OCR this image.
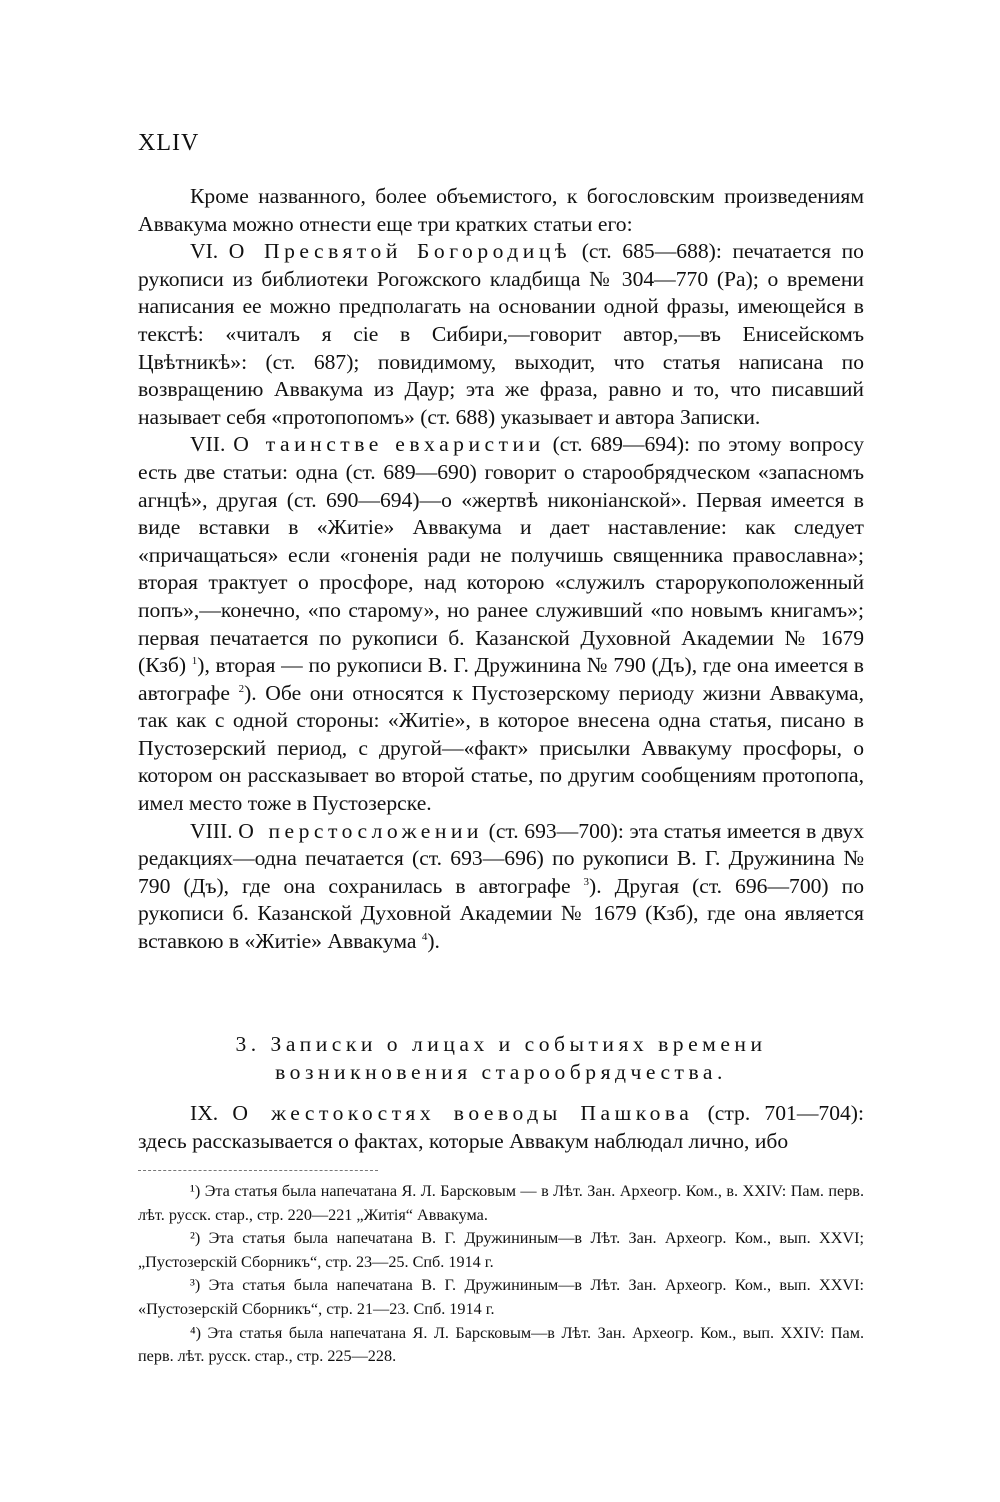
XLIV

Кроме названного, более объемистого, к богословским произведениям Аввакума можно отнести еще три кратких статьи его:

VI. О Пресвятой Богородицѣ (ст. 685—688): печатается по рукописи из библиотеки Рогожского кладбища № 304—770 (Ра); о времени написания ее можно предполагать на основании одной фразы, имеющейся в текстѣ: «читалъ я сіе в Сибири,—говорит автор,—въ Енисейскомъ Цвѣтникѣ»: (ст. 687); повидимому, выходит, что статья написана по возвращению Аввакума из Даур; эта же фраза, равно и то, что писавший называет себя «протопопомъ» (ст. 688) указывает и автора Записки.

VII. О таинстве евхаристии (ст. 689—694): по этому вопросу есть две статьи: одна (ст. 689—690) говорит о старообрядческом «запасномъ агнцѣ», другая (ст. 690—694)—о «жертвѣ никоніанской». Первая имеется в виде вставки в «Житіе» Аввакума и дает наставление: как следует «причащаться» если «гоненія ради не получишь священника православна»; вторая трактует о просфоре, над которою «служилъ старорукоположенный попъ»,—конечно, «по старому», но ранее служивший «по новымъ книгамъ»; первая печатается по рукописи б. Казанской Духовной Академии № 1679 (Кзб) $^1$), вторая — по рукописи В. Г. Дружинина № 790 (Дъ), где она имеется в автографе $^2$). Обе они относятся к Пустозерскому периоду жизни Аввакума, так как с одной стороны: «Житіе», в которое внесена одна статья, писано в Пустозерский период, с другой—«факт» присылки Аввакуму просфоры, о котором он рассказывает во второй статье, по другим сообщениям протопопа, имел место тоже в Пустозерске.

VIII. О перстосложении (ст. 693—700): эта статья имеется в двух редакциях—одна печатается (ст. 693—696) по рукописи В. Г. Дружинина № 790 (Дъ), где она сохранилась в автографе $^3$). Другая (ст. 696—700) по рукописи б. Казанской Духовной Академии № 1679 (Кзб), где она является вставкою в «Житіе» Аввакума $^4$).

3. Записки о лицах и событиях времени возникновения старообрядчества.

IX. О жестокостях воеводы Пашкова (стр. 701—704): здесь рассказывается о фактах, которые Аввакум наблюдал лично, ибо

¹) Эта статья была напечатана Я. Л. Барсковым — в Лѣт. Зан. Археогр. Ком., в. XXIV: Пам. перв. лѣт. русск. стар., стр. 220—221 „Житія“ Аввакума.

²) Эта статья была напечатана В. Г. Дружининым—в Лѣт. Зан. Археогр. Ком., вып. XXVI; „Пустозерскій Сборникъ“, стр. 23—25. Спб. 1914 г.

³) Эта статья была напечатана В. Г. Дружининым—в Лѣт. Зан. Археогр. Ком., вып. XXVI: «Пустозерскій Сборникъ“, стр. 21—23. Спб. 1914 г.

⁴) Эта статья была напечатана Я. Л. Барсковым—в Лѣт. Зан. Археогр. Ком., вып. XXIV: Пам. перв. лѣт. русск. стар., стр. 225—228.
